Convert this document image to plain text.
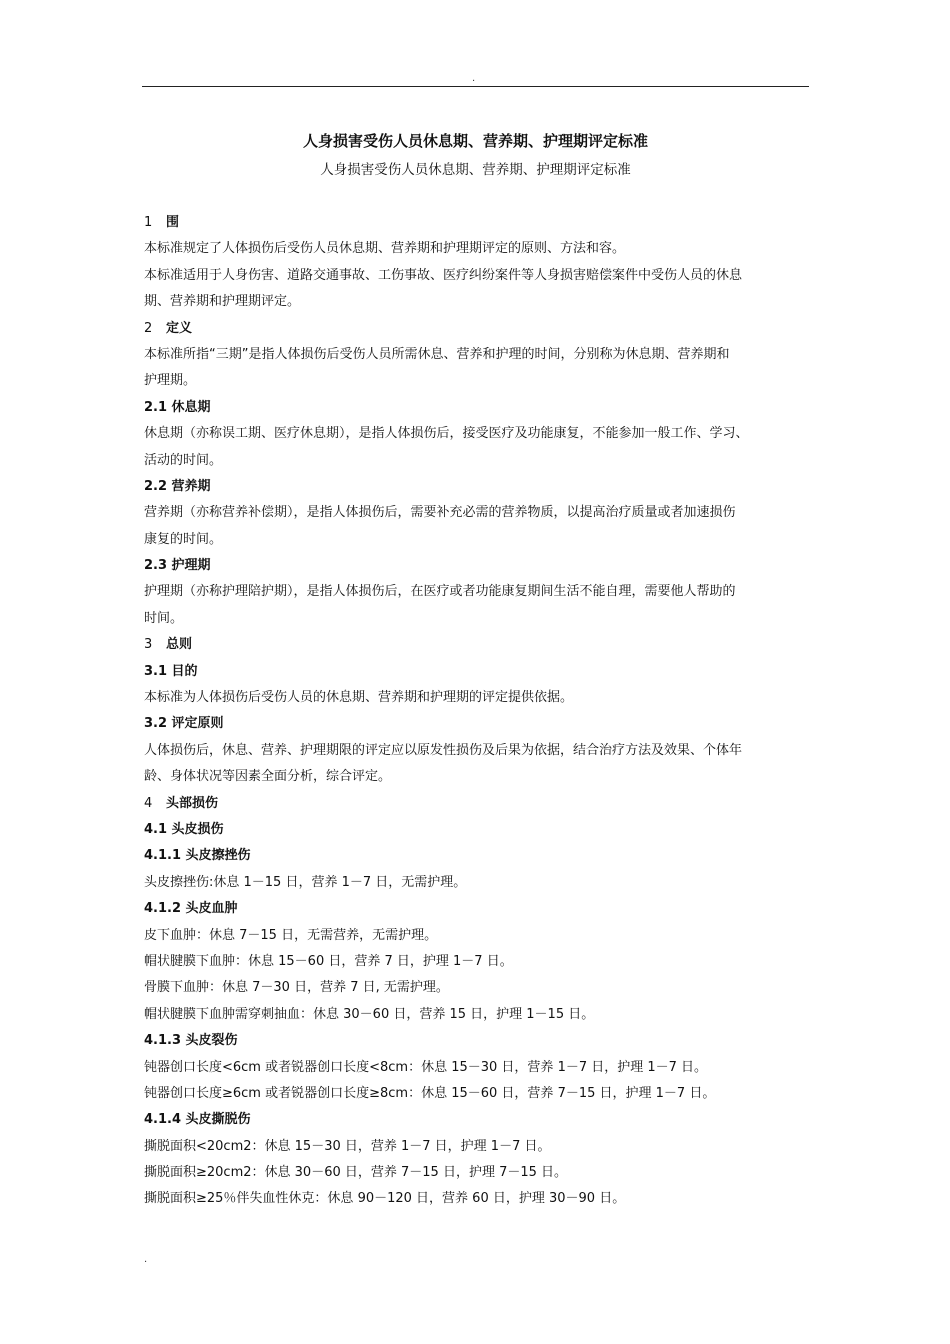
.
人身损害受伤人员休息期、营养期、护理期评定标准
人身损害受伤人员休息期、营养期、护理期评定标准
1 围
本标准规定了人体损伤后受伤人员休息期、营养期和护理期评定的原则、方法和容。
本标准适用于人身伤害、道路交通事故、工伤事故、医疗纠纷案件等人身损害赔偿案件中受伤人员的休息
期、营养期和护理期评定。
2 定义
本标准所指“三期”是指人体损伤后受伤人员所需休息、营养和护理的时间，分别称为休息期、营养期和
护理期。
2.1 休息期
休息期（亦称误工期、医疗休息期），是指人体损伤后，接受医疗及功能康复，不能参加一般工作、学习、
活动的时间。
2.2 营养期
营养期（亦称营养补偿期），是指人体损伤后，需要补充必需的营养物质，以提高治疗质量或者加速损伤
康复的时间。
2.3 护理期
护理期（亦称护理陪护期），是指人体损伤后，在医疗或者功能康复期间生活不能自理，需要他人帮助的
时间。
3 总则
3.1 目的
本标准为人体损伤后受伤人员的休息期、营养期和护理期的评定提供依据。
3.2 评定原则
人体损伤后，休息、营养、护理期限的评定应以原发性损伤及后果为依据，结合治疗方法及效果、个体年
龄、身体状况等因素全面分析，综合评定。
4 头部损伤
4.1 头皮损伤
4.1.1 头皮擦挫伤
头皮擦挫伤:休息 1－15 日，营养 1－7 日，无需护理。
4.1.2 头皮血肿
皮下血肿：休息 7－15 日，无需营养，无需护理。
帽状腱膜下血肿：休息 15－60 日，营养 7 日，护理 1－7 日。
骨膜下血肿：休息 7－30 日，营养 7 日, 无需护理。
帽状腱膜下血肿需穿刺抽血：休息 30－60 日，营养 15 日，护理 1－15 日。
4.1.3 头皮裂伤
钝器创口长度<6cm 或者锐器创口长度<8cm：休息 15－30 日，营养 1－7 日，护理 1－7 日。
钝器创口长度≥6cm 或者锐器创口长度≥8cm：休息 15－60 日，营养 7－15 日，护理 1－7 日。
4.1.4 头皮撕脱伤
撕脱面积<20cm2：休息 15－30 日，营养 1－7 日，护理 1－7 日。
撕脱面积≥20cm2：休息 30－60 日，营养 7－15 日，护理 7－15 日。
撕脱面积≥25％伴失血性休克：休息 90－120 日，营养 60 日，护理 30－90 日。
.
